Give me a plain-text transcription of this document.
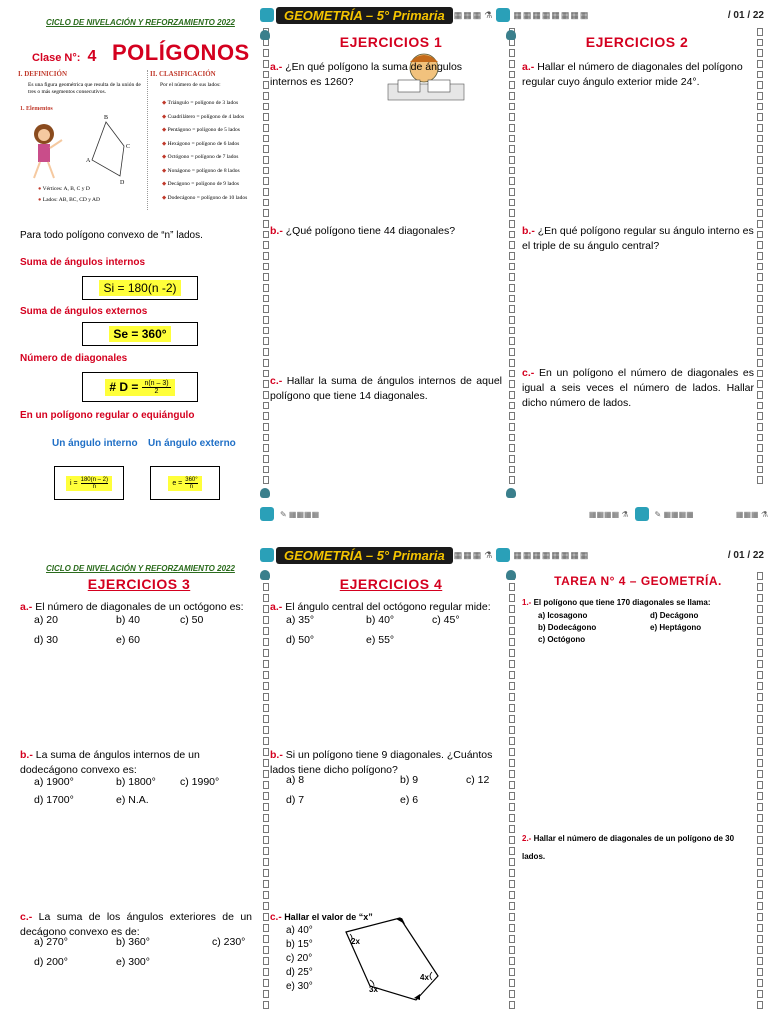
CICLO DE NIVELACIÓN Y REFORZAMIENTO 2022	GEOMETRÍA – 5° Primaria	▦▦▦ ⚗ ▦▦▦▦▦▦▦▦	/ 01 / 22
Clase N°: 4 POLÍGONOS
I. DEFINICIÓN
Es una figura geométrica que resulta de la unión de tres o más segmentos consecutivos.
1. Elementos
B
C
A
D
● Vértices: A, B, C y D
● Lados: AB, BC, CD y AD
II. CLASIFICACIÓN
Por el número de sus lados:
◆ Triángulo = polígono de 3 lados
◆ Cuadrilátero = polígono de 4 lados
◆ Pentágono = polígono de 5 lados
◆ Hexágono = polígono de 6 lados
◆ Octógono = polígono de 7 lados
◆ Nonágono = polígono de 8 lados
◆ Decágono = polígono de 9 lados
◆ Dodecágono = polígono de 10 lados
Para todo polígono convexo de “n” lados.
Suma de ángulos internos
Si = 180(n -2)
Suma de ángulos externos
Se = 360°
Número de diagonales
# $D = \frac{n(n - 3)}{2}$
En un polígono regular o equiángulo
Un ángulo interno Un ángulo externo
$i = \frac{180(n - 2)}{n}$	$e = \frac{360^\circ}{n}$
EJERCICIOS 1
a.- ¿En qué polígono la suma de ángulos internos es 1260?
b.- ¿Qué polígono tiene 44 diagonales?
c.- Hallar la suma de ángulos internos de aquel polígono que tiene 14 diagonales.
EJERCICIOS 2
a.- Hallar el número de diagonales del polígono regular cuyo ángulo exterior mide 24°.
b.- ¿En qué polígono regular su ángulo interno es el triple de su ángulo central?
c.- En un polígono el número de diagonales es igual a seis veces el número de lados. Hallar dicho número de lados.
✎ ▦▦▦▦	▦▦▦▦ ⚗	✎ ▦▦▦▦                   ▦▦▦ ⚗
CICLO DE NIVELACIÓN Y REFORZAMIENTO 2022
GEOMETRÍA – 5° Primaria	▦▦▦ ⚗ ▦▦▦▦▦▦▦▦	/ 01 / 22
EJERCICIOS 3
a.- El número de diagonales de un octógono es:
a) 20	b) 40	c) 50
d) 30	e) 60
b.- La suma de ángulos internos de un dodecágono convexo es:
a) 1900°	b) 1800° c) 1990°
d) 1700°	e) N.A.
c.- La suma de los ángulos exteriores de un decágono convexo es de:
a) 270°	b) 360°	c) 230°
d) 200°	e) 300°
EJERCICIOS 4
a.- El ángulo central del octógono regular mide:
a) 35°	b) 40°	c) 45°
d) 50°	e) 55°
b.- Si un polígono tiene 9 diagonales. ¿Cuántos lados tiene dicho polígono?
a) 8	b) 9	c) 12
d) 7	e) 6
c.- Hallar el valor de “x”
a) 40°
b) 15°
c) 20°
d) 25°
e) 30°
2x
4x
3x
TAREA N° 4 – GEOMETRÍA.
1.- El polígono que tiene 170 diagonales se llama:
a) Icosagono	d) Decágono
b) Dodecágono	e) Heptágono
c) Octógono
2.- Hallar el número de diagonales de un polígono de 30 lados.
